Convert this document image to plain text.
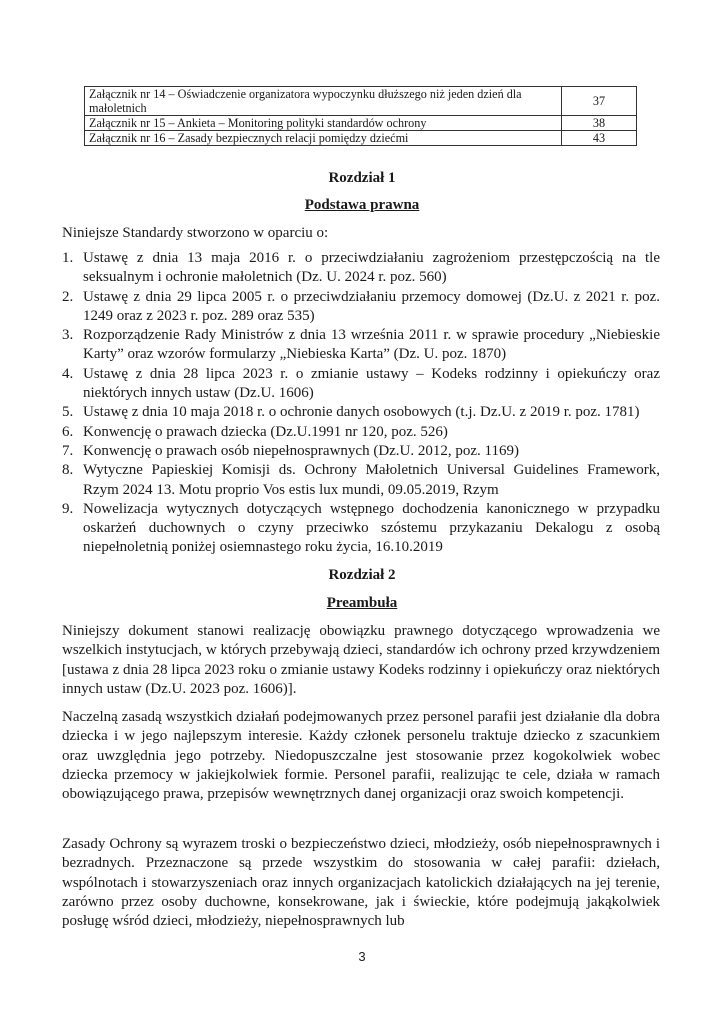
Załącznik nr 14 – Oświadczenie organizatora wypoczynku dłuższego niż jeden dzień dla małoletnich	37
Załącznik nr 15 – Ankieta – Monitoring polityki standardów ochrony	38
Załącznik nr 16 – Zasady bezpiecznych relacji pomiędzy dziećmi	43
Rozdział 1
Podstawa prawna

Niniejsze Standardy stworzono w oparciu o:

1. Ustawę z dnia 13 maja 2016 r. o przeciwdziałaniu zagrożeniom przestępczością na tle seksualnym i ochronie małoletnich (Dz. U. 2024 r. poz. 560)
2. Ustawę z dnia 29 lipca 2005 r. o przeciwdziałaniu przemocy domowej (Dz.U. z 2021 r. poz. 1249 oraz z 2023 r. poz. 289 oraz 535)
3. Rozporządzenie Rady Ministrów z dnia 13 września 2011 r. w sprawie procedury „Niebieskie Karty” oraz wzorów formularzy „Niebieska Karta” (Dz. U. poz. 1870)
4. Ustawę z dnia 28 lipca 2023 r. o zmianie ustawy – Kodeks rodzinny i opiekuńczy oraz niektórych innych ustaw (Dz.U. 1606)
5. Ustawę z dnia 10 maja 2018 r. o ochronie danych osobowych (t.j. Dz.U. z 2019 r. poz. 1781)
6. Konwencję o prawach dziecka (Dz.U.1991 nr 120, poz. 526)
7. Konwencję o prawach osób niepełnosprawnych (Dz.U. 2012, poz. 1169)
8. Wytyczne Papieskiej Komisji ds. Ochrony Małoletnich Universal Guidelines Framework, Rzym 2024 13. Motu proprio Vos estis lux mundi, 09.05.2019, Rzym
9. Nowelizacja wytycznych dotyczących wstępnego dochodzenia kanonicznego w przypadku oskarżeń duchownych o czyny przeciwko szóstemu przykazaniu Dekalogu z osobą niepełnoletnią poniżej osiemnastego roku życia, 16.10.2019
Rozdział 2
Preambuła

Niniejszy dokument stanowi realizację obowiązku prawnego dotyczącego wprowadzenia we wszelkich instytucjach, w których przebywają dzieci, standardów ich ochrony przed krzywdzeniem [ustawa z dnia 28 lipca 2023 roku o zmianie ustawy Kodeks rodzinny i opiekuńczy oraz niektórych innych ustaw (Dz.U. 2023 poz. 1606)].

Naczelną zasadą wszystkich działań podejmowanych przez personel parafii jest działanie dla dobra dziecka i w jego najlepszym interesie. Każdy członek personelu traktuje dziecko z szacunkiem oraz uwzględnia jego potrzeby. Niedopuszczalne jest stosowanie przez kogokolwiek wobec dziecka przemocy w jakiejkolwiek formie. Personel parafii, realizując te cele, działa w ramach obowiązującego prawa, przepisów wewnętrznych danej organizacji oraz swoich kompetencji.

Zasady Ochrony są wyrazem troski o bezpieczeństwo dzieci, młodzieży, osób niepełnosprawnych i bezradnych. Przeznaczone są przede wszystkim do stosowania w całej parafii: dziełach, wspólnotach i stowarzyszeniach oraz innych organizacjach katolickich działających na jej terenie, zarówno przez osoby duchowne, konsekrowane, jak i świeckie, które podejmują jakąkolwiek posługę wśród dzieci, młodzieży, niepełnosprawnych lub

3
